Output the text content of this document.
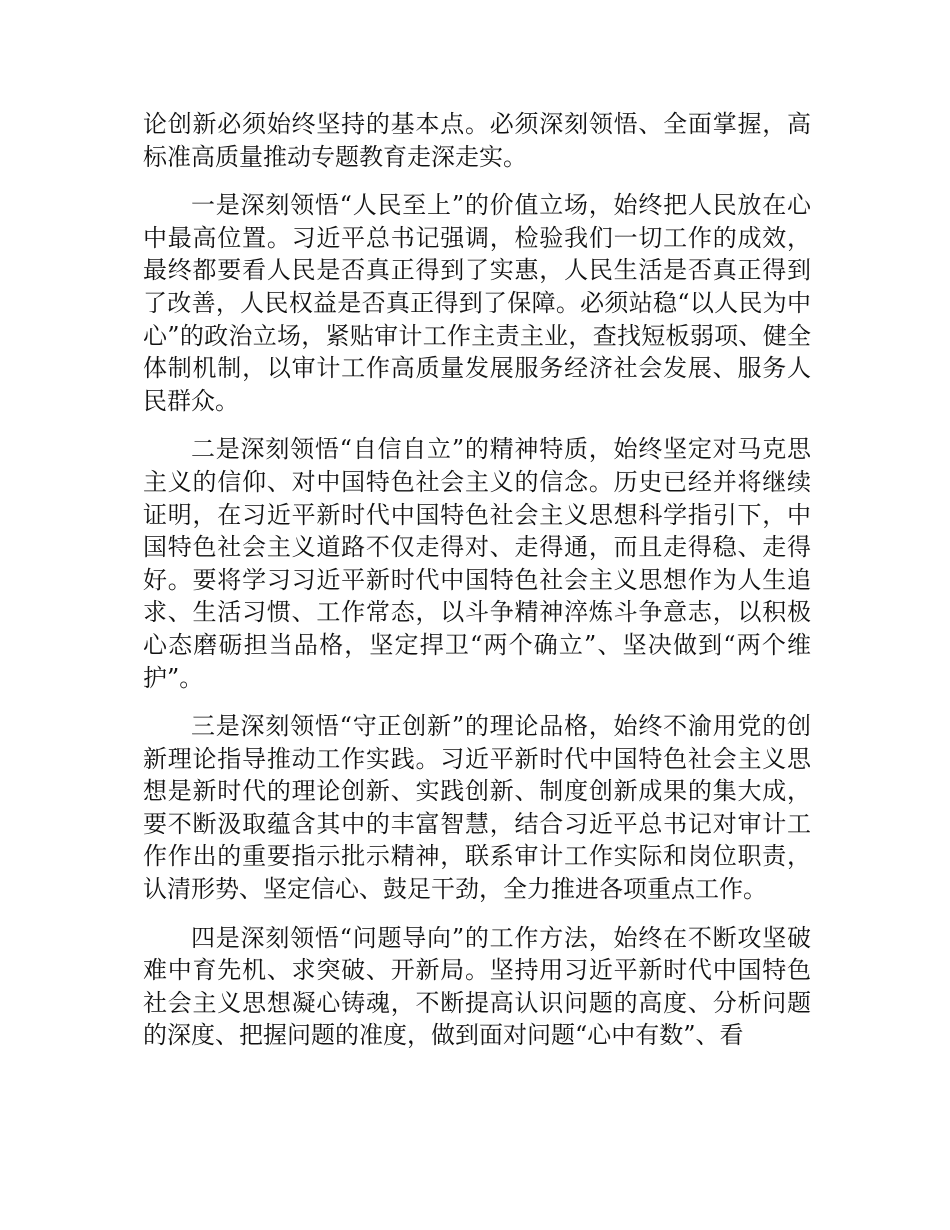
论创新必须始终坚持的基本点。必须深刻领悟、全面掌握，高标准高质量推动专题教育走深走实。

一是深刻领悟“人民至上”的价值立场，始终把人民放在心中最高位置。习近平总书记强调，检验我们一切工作的成效，最终都要看人民是否真正得到了实惠，人民生活是否真正得到了改善，人民权益是否真正得到了保障。必须站稳“以人民为中心”的政治立场，紧贴审计工作主责主业，查找短板弱项、健全体制机制，以审计工作高质量发展服务经济社会发展、服务人民群众。

二是深刻领悟“自信自立”的精神特质，始终坚定对马克思主义的信仰、对中国特色社会主义的信念。历史已经并将继续证明，在习近平新时代中国特色社会主义思想科学指引下，中国特色社会主义道路不仅走得对、走得通，而且走得稳、走得好。要将学习习近平新时代中国特色社会主义思想作为人生追求、生活习惯、工作常态，以斗争精神淬炼斗争意志，以积极心态磨砺担当品格，坚定捍卫“两个确立”、坚决做到“两个维护”。

三是深刻领悟“守正创新”的理论品格，始终不渝用党的创新理论指导推动工作实践。习近平新时代中国特色社会主义思想是新时代的理论创新、实践创新、制度创新成果的集大成，要不断汲取蕴含其中的丰富智慧，结合习近平总书记对审计工作作出的重要指示批示精神，联系审计工作实际和岗位职责，认清形势、坚定信心、鼓足干劲，全力推进各项重点工作。

四是深刻领悟“问题导向”的工作方法，始终在不断攻坚破难中育先机、求突破、开新局。坚持用习近平新时代中国特色社会主义思想凝心铸魂，不断提高认识问题的高度、分析问题的深度、把握问题的准度，做到面对问题“心中有数”、看
